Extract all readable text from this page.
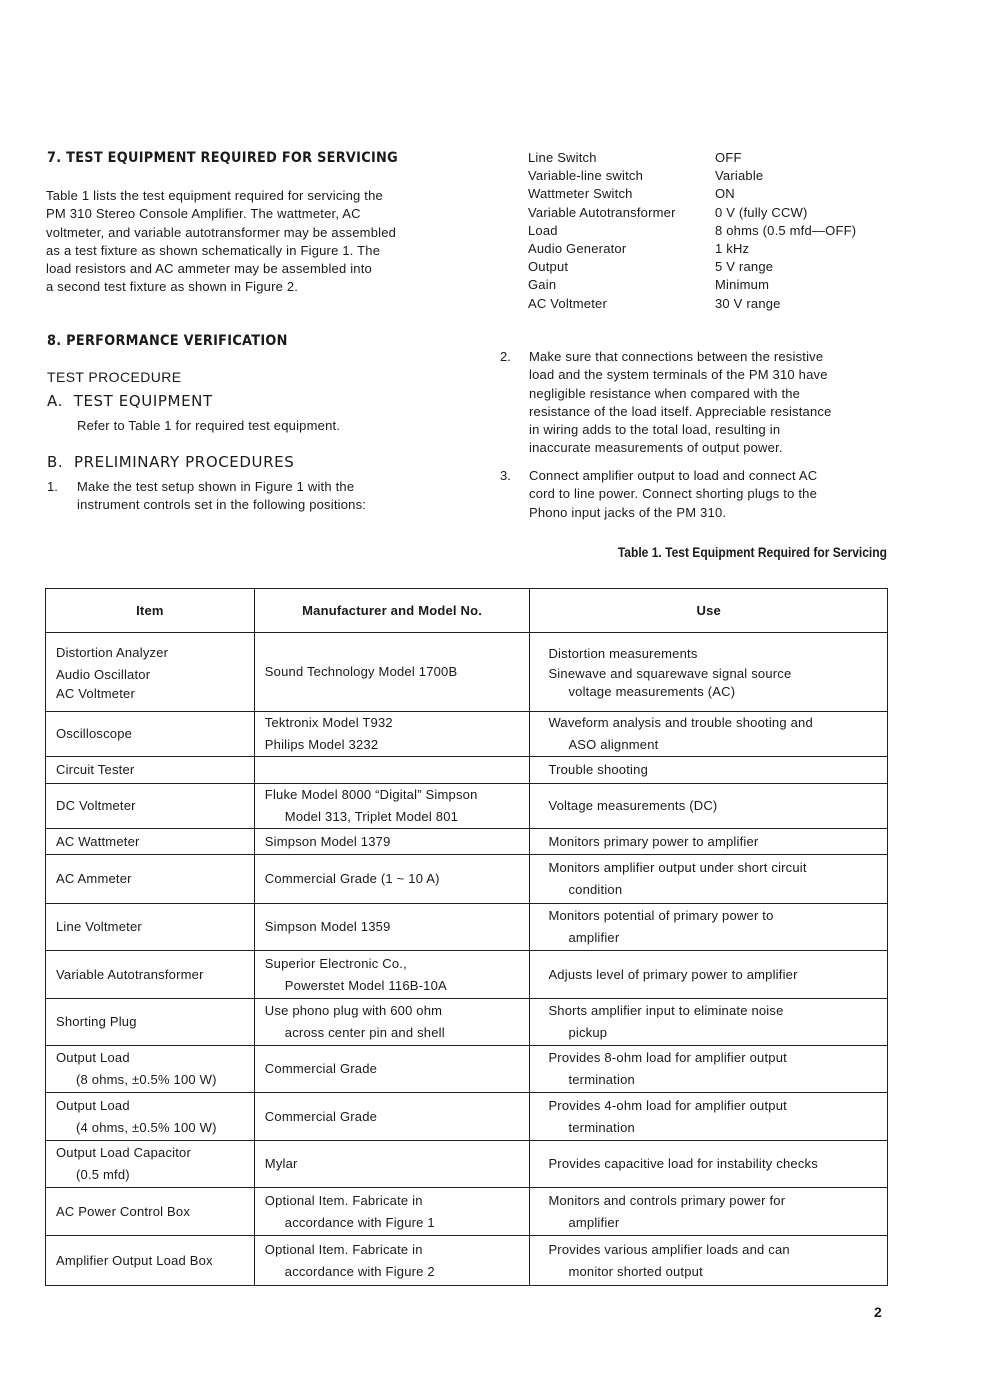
7. TEST EQUIPMENT REQUIRED FOR SERVICING
Table 1 lists the test equipment required for servicing the
PM 310 Stereo Console Amplifier. The wattmeter, AC
voltmeter, and variable autotransformer may be assembled
as a test fixture as shown schematically in Figure 1. The
load resistors and AC ammeter may be assembled into
a second test fixture as shown in Figure 2.
8. PERFORMANCE VERIFICATION
TEST PROCEDURE
A.  TEST EQUIPMENT
Refer to Table 1 for required test equipment.
B.  PRELIMINARY PROCEDURES
1. Make the test setup shown in Figure 1 with the
instrument controls set in the following positions:
Line Switch	OFF
Variable-line switch	Variable
Wattmeter Switch	ON
Variable Autotransformer	0 V (fully CCW)
Load	8 ohms (0.5 mfd—OFF)
Audio Generator	1 kHz
Output	5 V range
Gain	Minimum
AC Voltmeter	30 V range
2. Make sure that connections between the resistive
load and the system terminals of the PM 310 have
negligible resistance when compared with the
resistance of the load itself. Appreciable resistance
in wiring adds to the total load, resulting in
inaccurate measurements of output power.
3. Connect amplifier output to load and connect AC
cord to line power. Connect shorting plugs to the
Phono input jacks of the PM 310.
Table 1. Test Equipment Required for Servicing
Item	Manufacturer and Model No.	Use

Distortion Analyzer
Audio Oscillator
AC Voltmeter	Sound Technology Model 1700B	Distortion measurements
Sinewave and squarewave signal source
voltage measurements (AC)

Oscilloscope	Tektronix Model T932
Philips Model 3232	Waveform analysis and trouble shooting and
ASO alignment

Circuit Tester		Trouble shooting
DC Voltmeter	Fluke Model 8000 “Digital” Simpson
Model 313, Triplet Model 801	Voltage measurements (DC)
AC Wattmeter	Simpson Model 1379	Monitors primary power to amplifier
AC Ammeter	Commercial Grade (1 ~ 10 A)	Monitors amplifier output under short circuit
condition

Line Voltmeter	Simpson Model 1359	Monitors potential of primary power to
amplifier

Variable Autotransformer	Superior Electronic Co.,
Powerstet Model 116B-10A	Adjusts level of primary power to amplifier
Shorting Plug	Use phono plug with 600 ohm
across center pin and shell	Shorts amplifier input to eliminate noise
pickup

Output Load
(8 ohms, ±0.5% 100 W)	Commercial Grade	Provides 8-ohm load for amplifier output
termination

Output Load
(4 ohms, ±0.5% 100 W)	Commercial Grade	Provides 4-ohm load for amplifier output
termination

Output Load Capacitor
(0.5 mfd)	Mylar	Provides capacitive load for instability checks
AC Power Control Box	Optional Item. Fabricate in
accordance with Figure 1	Monitors and controls primary power for
amplifier

Amplifier Output Load Box	Optional Item. Fabricate in
accordance with Figure 2	Provides various amplifier loads and can
monitor shorted output
2
